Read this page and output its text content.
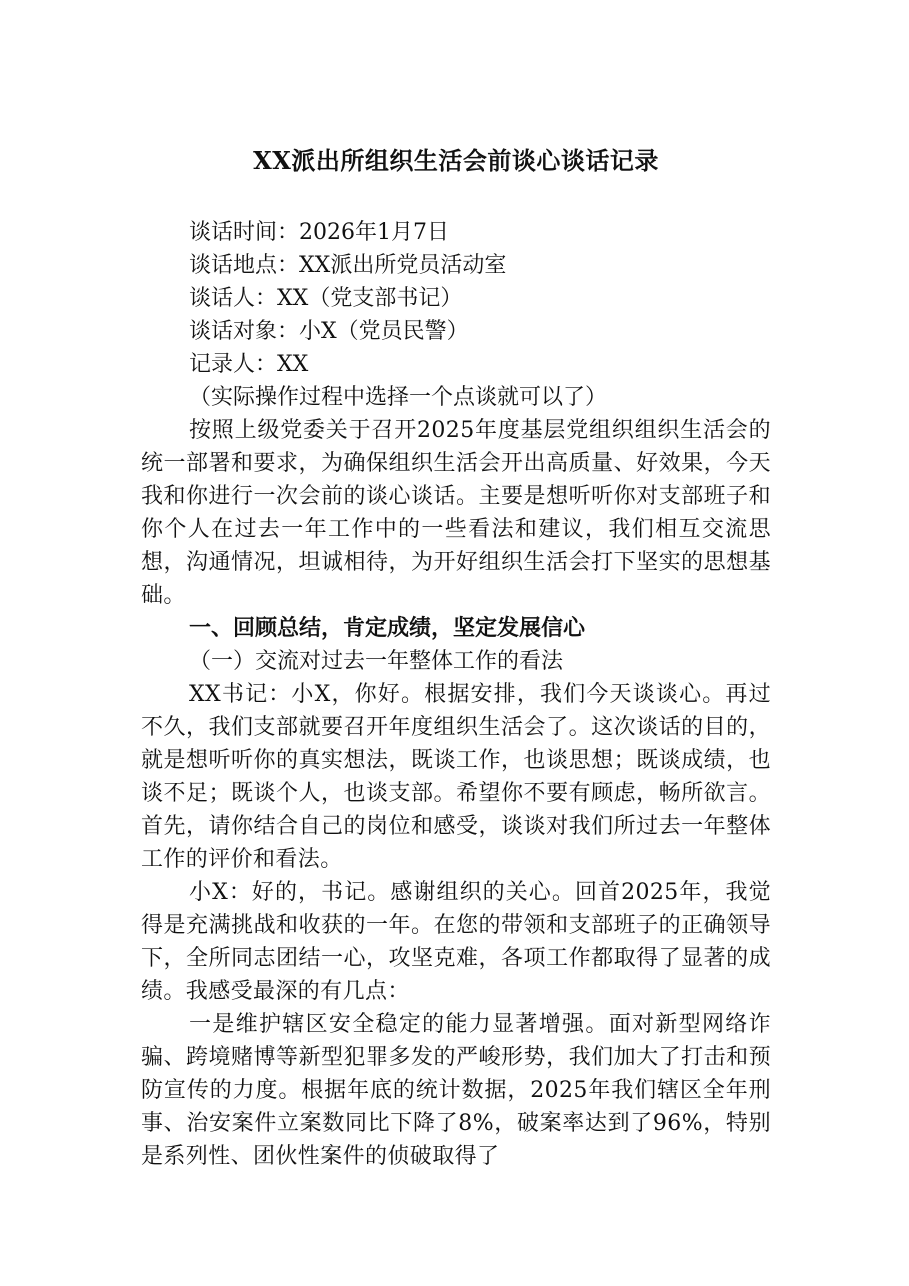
XX派出所组织生活会前谈心谈话记录

谈话时间：2026年1月7日

谈话地点：XX派出所党员活动室

谈话人：XX（党支部书记）

谈话对象：小X（党员民警）

记录人：XX

（实际操作过程中选择一个点谈就可以了）

按照上级党委关于召开2025年度基层党组织组织生活会的统一部署和要求，为确保组织生活会开出高质量、好效果，今天我和你进行一次会前的谈心谈话。主要是想听听你对支部班子和你个人在过去一年工作中的一些看法和建议，我们相互交流思想，沟通情况，坦诚相待，为开好组织生活会打下坚实的思想基础。

一、回顾总结，肯定成绩，坚定发展信心

（一）交流对过去一年整体工作的看法

XX书记：小X，你好。根据安排，我们今天谈谈心。再过不久，我们支部就要召开年度组织生活会了。这次谈话的目的，就是想听听你的真实想法，既谈工作，也谈思想；既谈成绩，也谈不足；既谈个人，也谈支部。希望你不要有顾虑，畅所欲言。首先，请你结合自己的岗位和感受，谈谈对我们所过去一年整体工作的评价和看法。

小X：好的，书记。感谢组织的关心。回首2025年，我觉得是充满挑战和收获的一年。在您的带领和支部班子的正确领导下，全所同志团结一心，攻坚克难，各项工作都取得了显著的成绩。我感受最深的有几点：

一是维护辖区安全稳定的能力显著增强。面对新型网络诈骗、跨境赌博等新型犯罪多发的严峻形势，我们加大了打击和预防宣传的力度。根据年底的统计数据，2025年我们辖区全年刑事、治安案件立案数同比下降了8%，破案率达到了96%，特别是系列性、团伙性案件的侦破取得了
